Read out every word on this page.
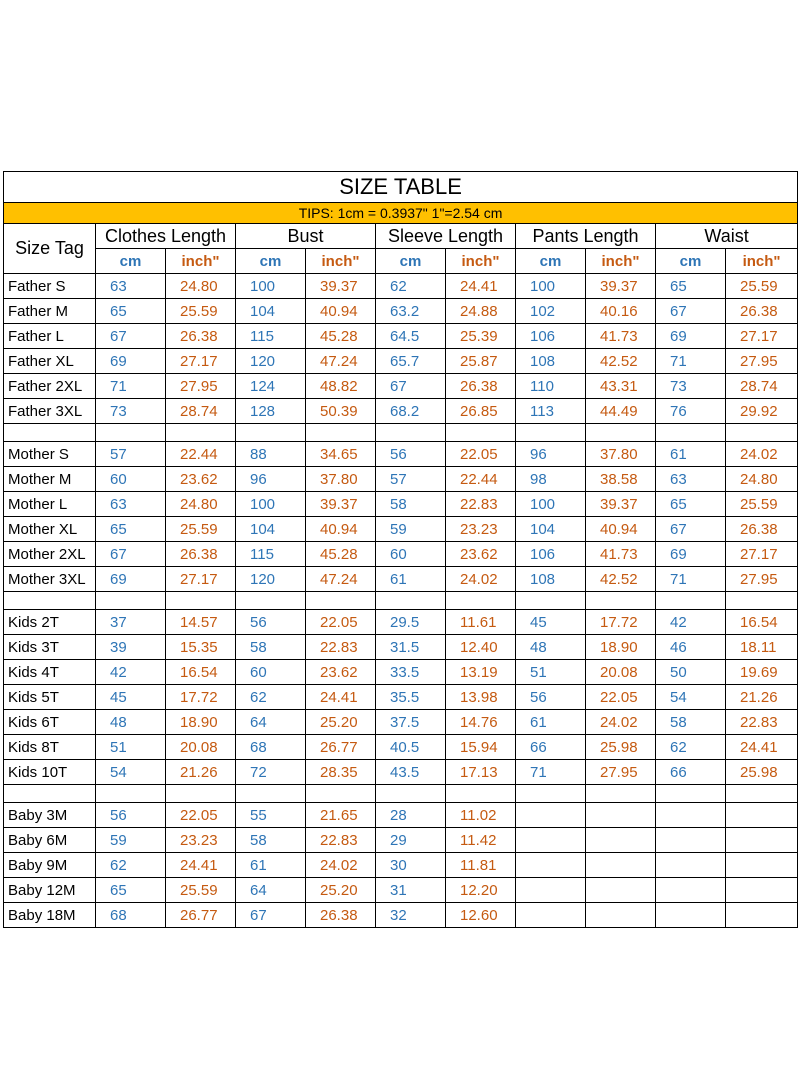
SIZE TABLE										
TIPS: 1cm = 0.3937" 1"=2.54 cm										
Size Tag	Clothes Length		Bust		Sleeve Length		Pants Length		Waist	
	cm	inch"	cm	inch"	cm	inch"	cm	inch"	cm	inch"
Father S	63	24.80	100	39.37	62	24.41	100	39.37	65	25.59
Father M	65	25.59	104	40.94	63.2	24.88	102	40.16	67	26.38
Father L	67	26.38	115	45.28	64.5	25.39	106	41.73	69	27.17
Father XL	69	27.17	120	47.24	65.7	25.87	108	42.52	71	27.95
Father 2XL	71	27.95	124	48.82	67	26.38	110	43.31	73	28.74
Father 3XL	73	28.74	128	50.39	68.2	26.85	113	44.49	76	29.92

Mother S	57	22.44	88	34.65	56	22.05	96	37.80	61	24.02
Mother M	60	23.62	96	37.80	57	22.44	98	38.58	63	24.80
Mother L	63	24.80	100	39.37	58	22.83	100	39.37	65	25.59
Mother XL	65	25.59	104	40.94	59	23.23	104	40.94	67	26.38
Mother 2XL	67	26.38	115	45.28	60	23.62	106	41.73	69	27.17
Mother 3XL	69	27.17	120	47.24	61	24.02	108	42.52	71	27.95

Kids 2T	37	14.57	56	22.05	29.5	11.61	45	17.72	42	16.54
Kids 3T	39	15.35	58	22.83	31.5	12.40	48	18.90	46	18.11
Kids 4T	42	16.54	60	23.62	33.5	13.19	51	20.08	50	19.69
Kids 5T	45	17.72	62	24.41	35.5	13.98	56	22.05	54	21.26
Kids 6T	48	18.90	64	25.20	37.5	14.76	61	24.02	58	22.83
Kids 8T	51	20.08	68	26.77	40.5	15.94	66	25.98	62	24.41
Kids 10T	54	21.26	72	28.35	43.5	17.13	71	27.95	66	25.98

Baby 3M	56	22.05	55	21.65	28	11.02				
Baby 6M	59	23.23	58	22.83	29	11.42				
Baby 9M	62	24.41	61	24.02	30	11.81				
Baby 12M	65	25.59	64	25.20	31	12.20				
Baby 18M	68	26.77	67	26.38	32	12.60				
